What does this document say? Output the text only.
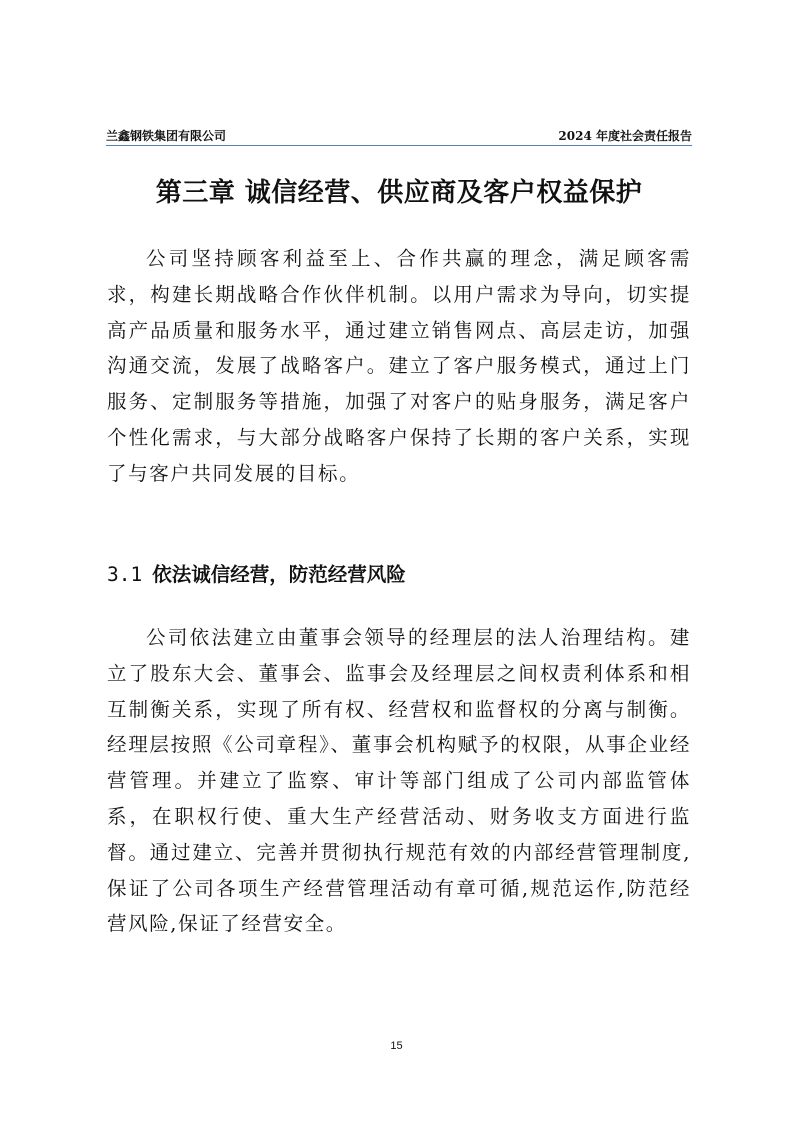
兰鑫钢铁集团有限公司	2024 年度社会责任报告
第三章 诚信经营、供应商及客户权益保护

公司坚持顾客利益至上、合作共赢的理念，满足顾客需求，构建长期战略合作伙伴机制。以用户需求为导向，切实提高产品质量和服务水平，通过建立销售网点、高层走访，加强沟通交流，发展了战略客户。建立了客户服务模式，通过上门服务、定制服务等措施，加强了对客户的贴身服务，满足客户个性化需求，与大部分战略客户保持了长期的客户关系，实现了与客户共同发展的目标。

3.1 依法诚信经营，防范经营风险

公司依法建立由董事会领导的经理层的法人治理结构。建立了股东大会、董事会、监事会及经理层之间权责利体系和相互制衡关系，实现了所有权、经营权和监督权的分离与制衡。经理层按照《公司章程》、董事会机构赋予的权限，从事企业经营管理。并建立了监察、审计等部门组成了公司内部监管体系，在职权行使、重大生产经营活动、财务收支方面进行监督。通过建立、完善并贯彻执行规范有效的内部经营管理制度,保证了公司各项生产经营管理活动有章可循,规范运作,防范经营风险,保证了经营安全。

15
